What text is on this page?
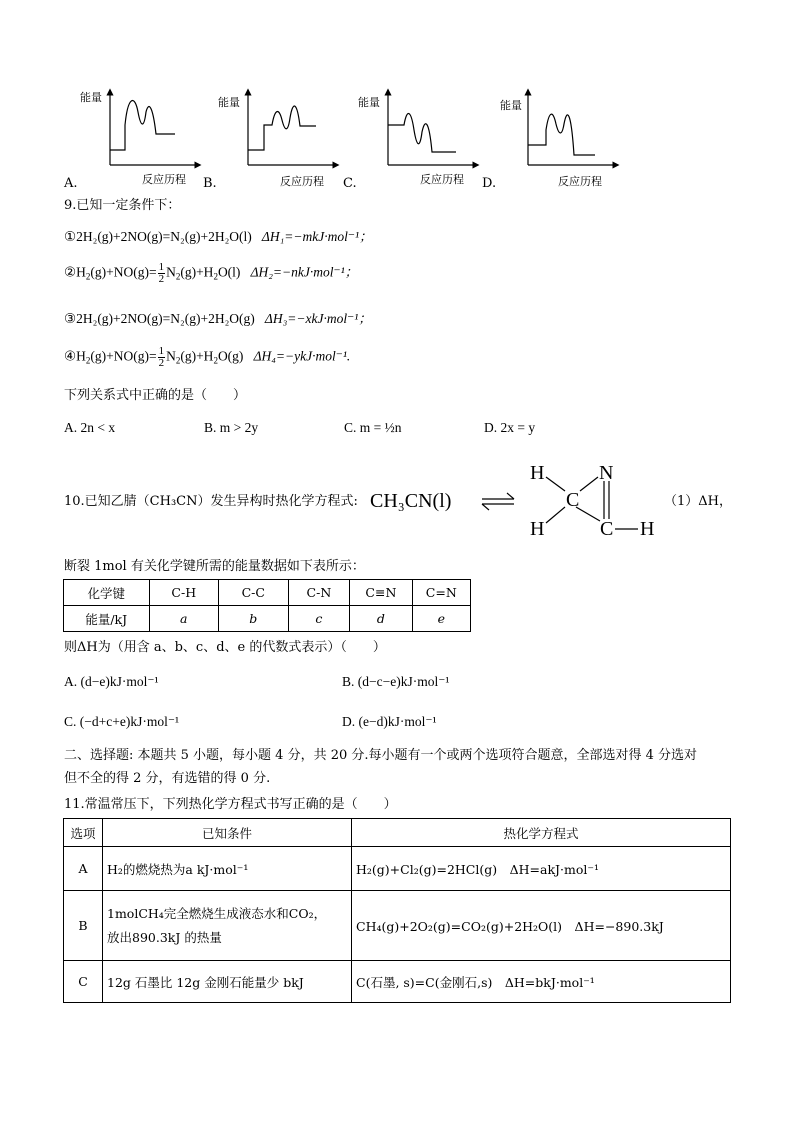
能量	能量	能量	能量
反应历程	反应历程	反应历程	反应历程
A.	B.	C.	D.
9.已知一定条件下：
①2H₂(g)+2NO(g)=N₂(g)+2H₂O(l) ΔH₁=−mkJ·mol⁻¹；
$②H_2(g)+NO(g)= \frac{1}{2} N_2(g)+H_2O(l)$   ΔH₂=−nkJ·mol⁻¹；
③2H₂(g)+2NO(g)=N₂(g)+2H₂O(g) ΔH₃=−xkJ·mol⁻¹；
$④H_2(g)+NO(g)= \frac{1}{2} N_2(g)+H_2O(g)$   ΔH₄=−ykJ·mol⁻¹.
下列关系式中正确的是（　　）
A. 2n < x	B. m > 2y	C. m = ½n	D. 2x = y
10.已知乙腈（CH₃CN）发生异构时热化学方程式: CH₃CN(l)
H	N
C
H	C H
（1）ΔH，
断裂 1mol 有关化学键所需的能量数据如下表所示：
化学键	C-H	C-C	C-N	C≡N	C=N
能量/kJ	a	b	c	d	e
则ΔH为（用含 a、b、c、d、e 的代数式表示）（　　）
A. (d−e)kJ·mol⁻¹	B. (d−c−e)kJ·mol⁻¹
C. (−d+c+e)kJ·mol⁻¹	D. (e−d)kJ·mol⁻¹
二、选择题: 本题共 5 小题，每小题 4 分，共 20 分.每小题有一个或两个选项符合题意，全部选对得 4 分选对
但不全的得 2 分，有选错的得 0 分.
11.常温常压下，下列热化学方程式书写正确的是（　　）
选项	已知条件	热化学方程式
A	H₂的燃烧热为a kJ·mol⁻¹	H₂(g)+Cl₂(g)=2HCl(g)　ΔH=akJ·mol⁻¹
B	1molCH₄完全燃烧生成液态水和CO₂，
放出890.3kJ 的热量	CH₄(g)+2O₂(g)=CO₂(g)+2H₂O(l)　ΔH=−890.3kJ
C	12g 石墨比 12g 金刚石能量少 bkJ	C(石墨, s)=C(金刚石,s)　ΔH=bkJ·mol⁻¹
